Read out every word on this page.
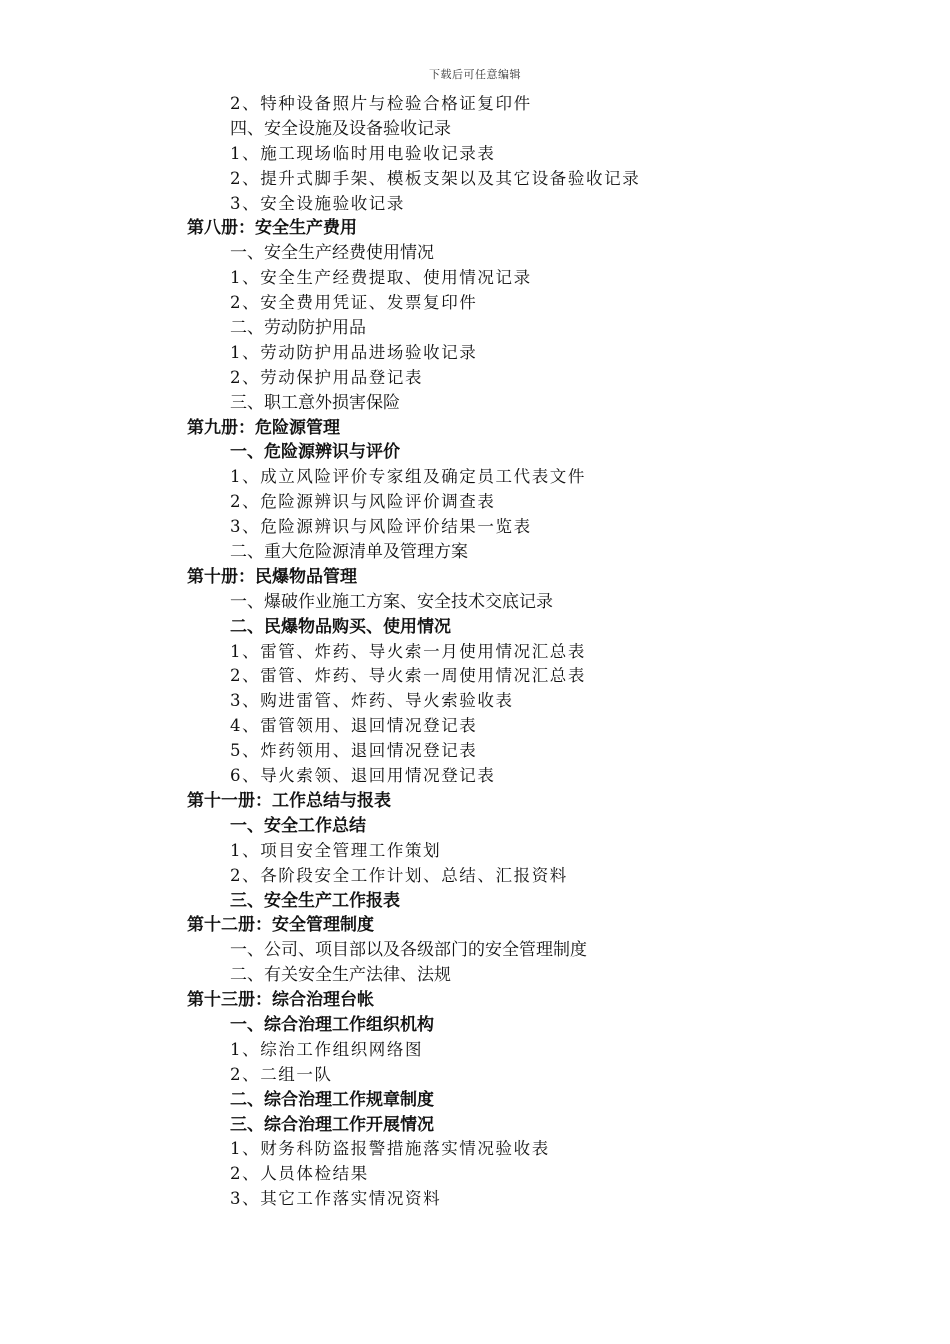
下载后可任意编辑
2、特种设备照片与检验合格证复印件
四、安全设施及设备验收记录
1、施工现场临时用电验收记录表
2、提升式脚手架、模板支架以及其它设备验收记录
3、安全设施验收记录
第八册：安全生产费用
一、安全生产经费使用情况
1、安全生产经费提取、使用情况记录
2、安全费用凭证、发票复印件
二、劳动防护用品
1、劳动防护用品进场验收记录
2、劳动保护用品登记表
三、职工意外损害保险
第九册：危险源管理
一、危险源辨识与评价
1、成立风险评价专家组及确定员工代表文件
2、危险源辨识与风险评价调查表
3、危险源辨识与风险评价结果一览表
二、重大危险源清单及管理方案
第十册：民爆物品管理
一、爆破作业施工方案、安全技术交底记录
二、民爆物品购买、使用情况
1、雷管、炸药、导火索一月使用情况汇总表
2、雷管、炸药、导火索一周使用情况汇总表
3、购进雷管、炸药、导火索验收表
4、雷管领用、退回情况登记表
5、炸药领用、退回情况登记表
6、导火索领、退回用情况登记表
第十一册：工作总结与报表
一、安全工作总结
1、项目安全管理工作策划
2、各阶段安全工作计划、总结、汇报资料
三、安全生产工作报表
第十二册：安全管理制度
一、公司、项目部以及各级部门的安全管理制度
二、有关安全生产法律、法规
第十三册：综合治理台帐
一、综合治理工作组织机构
1、综治工作组织网络图
2、二组一队
二、综合治理工作规章制度
三、综合治理工作开展情况
1、财务科防盗报警措施落实情况验收表
2、人员体检结果
3、其它工作落实情况资料
